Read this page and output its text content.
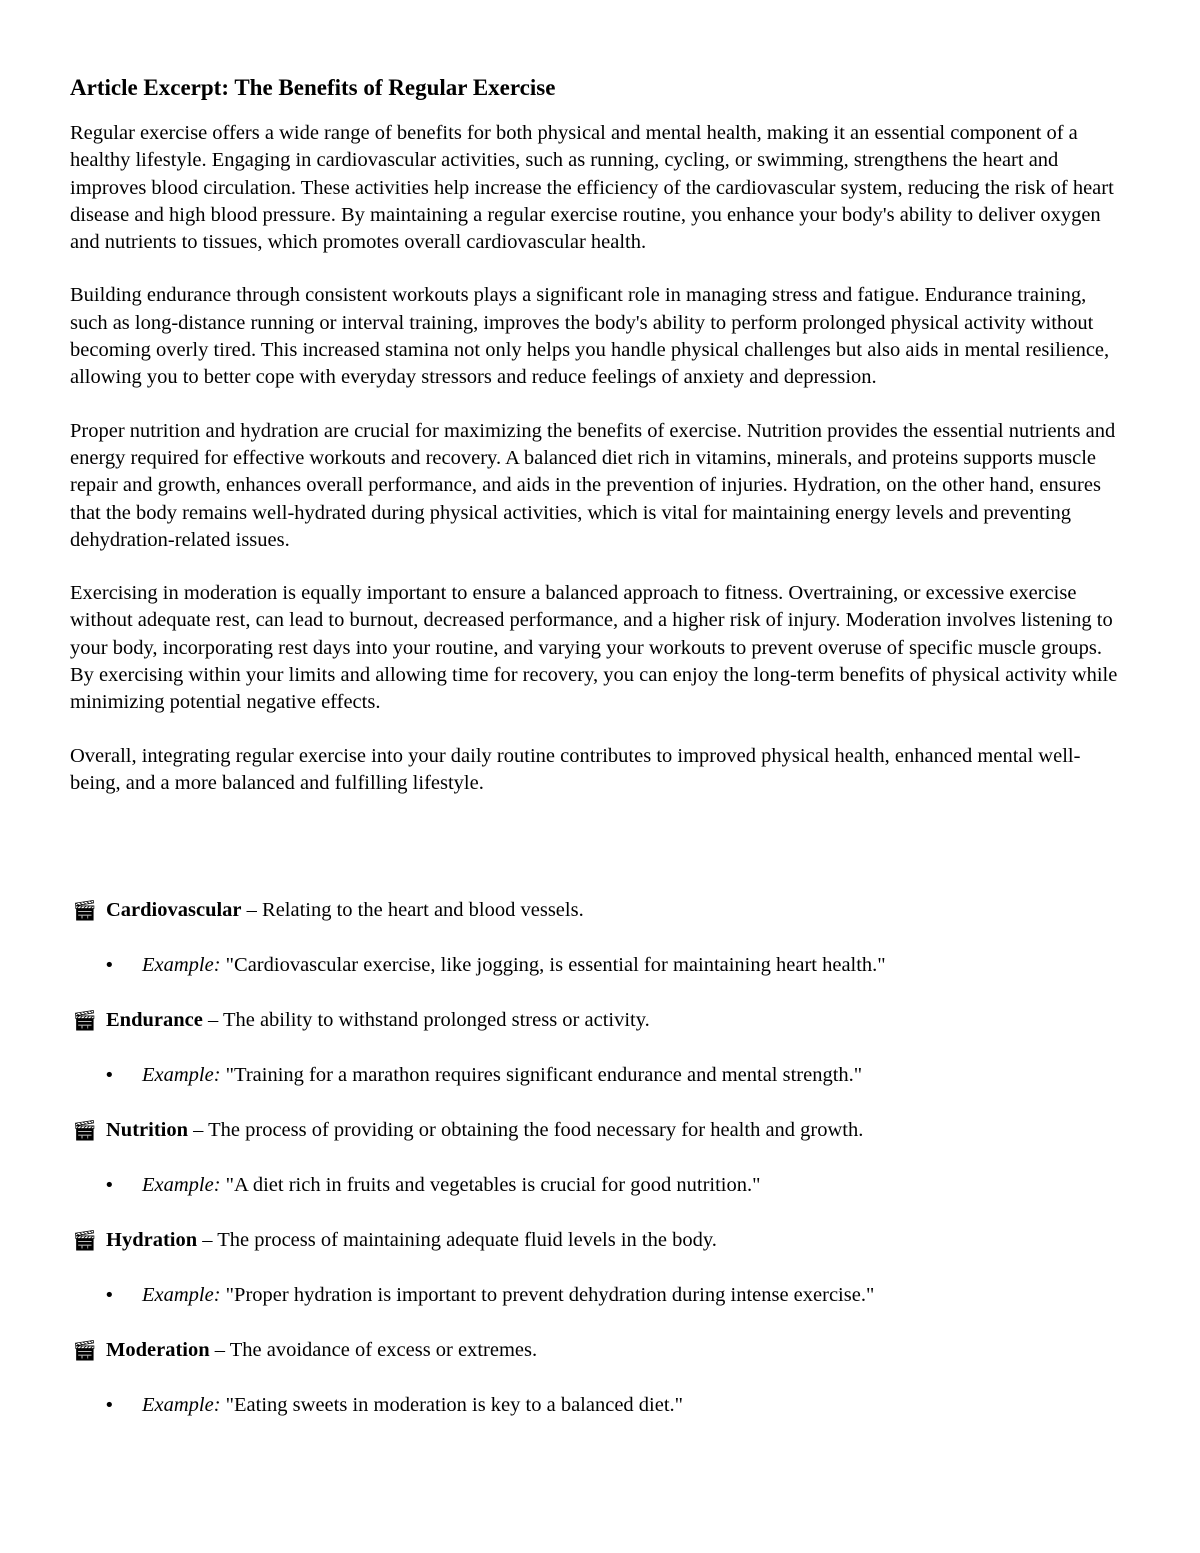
Article Excerpt: The Benefits of Regular Exercise

Regular exercise offers a wide range of benefits for both physical and mental health, making it an essential component of a healthy lifestyle. Engaging in cardiovascular activities, such as running, cycling, or swimming, strengthens the heart and improves blood circulation. These activities help increase the efficiency of the cardiovascular system, reducing the risk of heart disease and high blood pressure. By maintaining a regular exercise routine, you enhance your body's ability to deliver oxygen and nutrients to tissues, which promotes overall cardiovascular health.

Building endurance through consistent workouts plays a significant role in managing stress and fatigue. Endurance training, such as long-distance running or interval training, improves the body's ability to perform prolonged physical activity without becoming overly tired. This increased stamina not only helps you handle physical challenges but also aids in mental resilience, allowing you to better cope with everyday stressors and reduce feelings of anxiety and depression.

Proper nutrition and hydration are crucial for maximizing the benefits of exercise. Nutrition provides the essential nutrients and energy required for effective workouts and recovery. A balanced diet rich in vitamins, minerals, and proteins supports muscle repair and growth, enhances overall performance, and aids in the prevention of injuries. Hydration, on the other hand, ensures that the body remains well-hydrated during physical activities, which is vital for maintaining energy levels and preventing dehydration-related issues.

Exercising in moderation is equally important to ensure a balanced approach to fitness. Overtraining, or excessive exercise without adequate rest, can lead to burnout, decreased performance, and a higher risk of injury. Moderation involves listening to your body, incorporating rest days into your routine, and varying your workouts to prevent overuse of specific muscle groups. By exercising within your limits and allowing time for recovery, you can enjoy the long-term benefits of physical activity while minimizing potential negative effects.

Overall, integrating regular exercise into your daily routine contributes to improved physical health, enhanced mental well-being, and a more balanced and fulfilling lifestyle.

🎬︎ Cardiovascular – Relating to the heart and blood vessels.

• Example: "Cardiovascular exercise, like jogging, is essential for maintaining heart health."

🎬︎ Endurance – The ability to withstand prolonged stress or activity.

• Example: "Training for a marathon requires significant endurance and mental strength."

🎬︎ Nutrition – The process of providing or obtaining the food necessary for health and growth.

• Example: "A diet rich in fruits and vegetables is crucial for good nutrition."

🎬︎ Hydration – The process of maintaining adequate fluid levels in the body.

• Example: "Proper hydration is important to prevent dehydration during intense exercise."

🎬︎ Moderation – The avoidance of excess or extremes.

• Example: "Eating sweets in moderation is key to a balanced diet."
